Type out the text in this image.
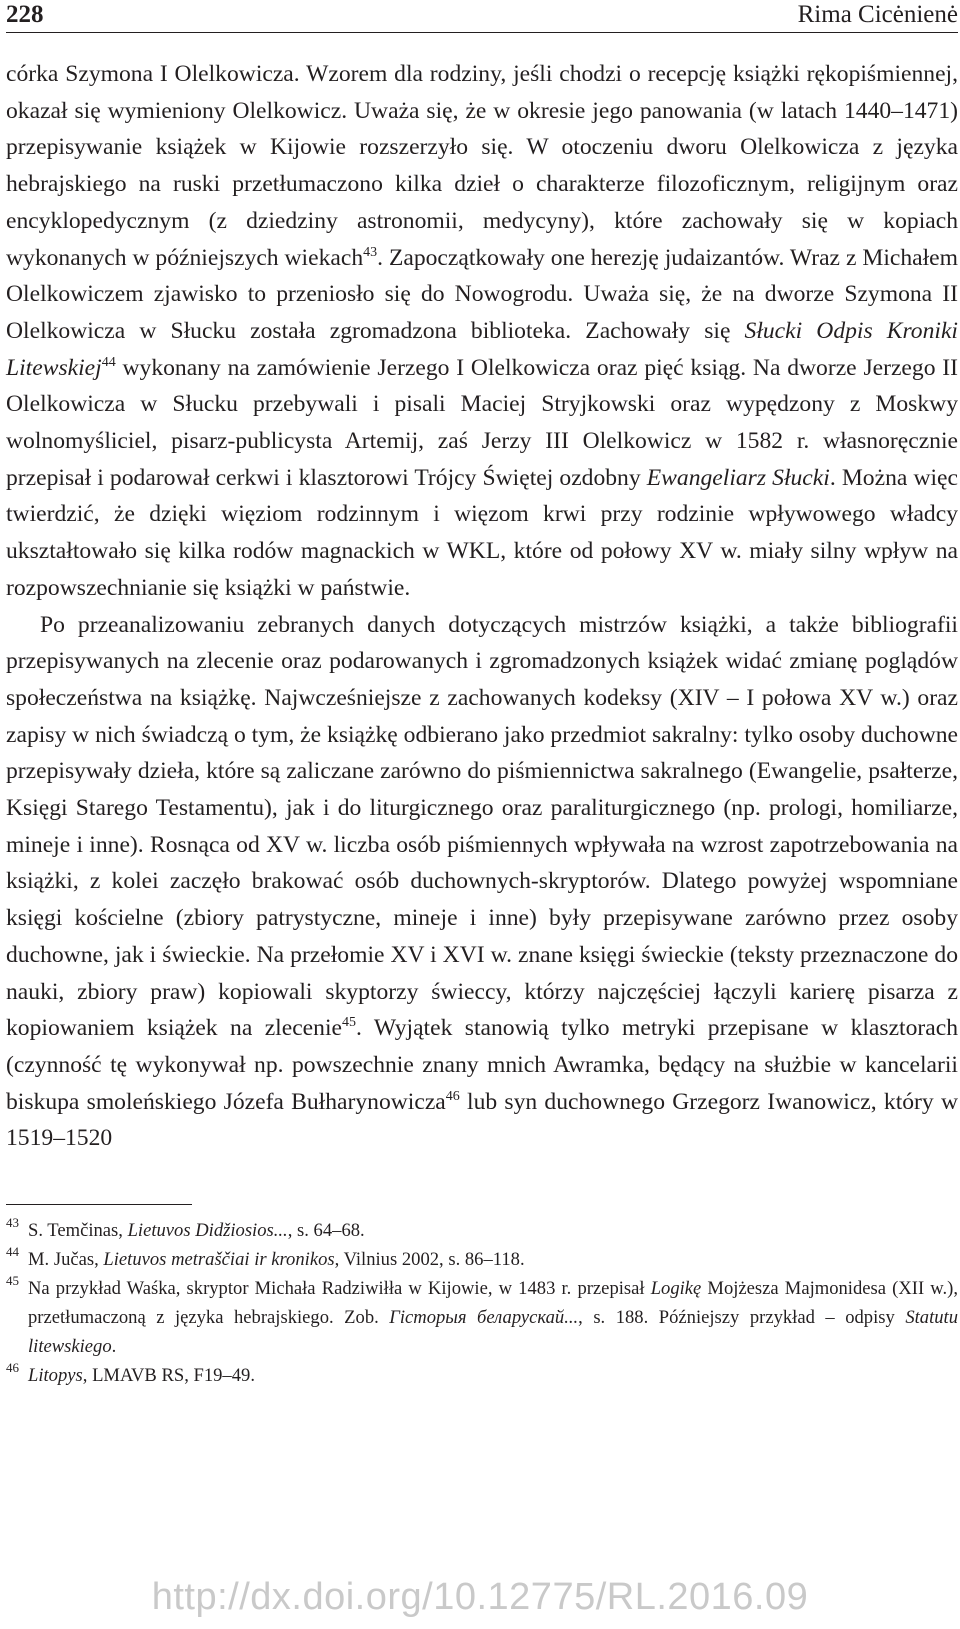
228	Rima Cicėnienė

córka Szymona I Olelkowicza. Wzorem dla rodziny, jeśli chodzi o recepcję książki rękopiśmiennej, okazał się wymieniony Olelkowicz. Uważa się, że w okresie jego panowania (w latach 1440–1471) przepisywanie książek w Kijowie rozszerzyło się. W otoczeniu dworu Olelkowicza z języka hebrajskiego na ruski przetłumaczono kilka dzieł o charakterze filozoficznym, religijnym oraz encyklopedycznym (z dziedziny astronomii, medycyny), które zachowały się w kopiach wykonanych w późniejszych wiekach$^{43}$. Zapoczątkowały one herezję judaizantów. Wraz z Michałem Olelkowiczem zjawisko to przeniosło się do Nowogrodu. Uważa się, że na dworze Szymona II Olelkowicza w Słucku została zgromadzona biblioteka. Zachowały się Słucki Odpis Kroniki Litewskiej$^{44}$ wykonany na zamówienie Jerzego I Olelkowicza oraz pięć ksiąg. Na dworze Jerzego II Olelkowicza w Słucku przebywali i pisali Maciej Stryjkowski oraz wypędzony z Moskwy wolnomyśliciel, pisarz-publicysta Artemij, zaś Jerzy III Olelkowicz w 1582 r. własnoręcznie przepisał i podarował cerkwi i klasztorowi Trójcy Świętej ozdobny Ewangeliarz Słucki. Można więc twierdzić, że dzięki więziom rodzinnym i więzom krwi przy rodzinie wpływowego władcy ukształtowało się kilka rodów magnackich w WKL, które od połowy XV w. miały silny wpływ na rozpowszechnianie się książki w państwie.

Po przeanalizowaniu zebranych danych dotyczących mistrzów książki, a także bibliografii przepisywanych na zlecenie oraz podarowanych i zgromadzonych książek widać zmianę poglądów społeczeństwa na książkę. Najwcześniejsze z zachowanych kodeksy (XIV – I połowa XV w.) oraz zapisy w nich świadczą o tym, że książkę odbierano jako przedmiot sakralny: tylko osoby duchowne przepisywały dzieła, które są zaliczane zarówno do piśmiennictwa sakralnego (Ewangelie, psałterze, Księgi Starego Testamentu), jak i do liturgicznego oraz paraliturgicznego (np. prologi, homiliarze, mineje i inne). Rosnąca od XV w. liczba osób piśmiennych wpływała na wzrost zapotrzebowania na książki, z kolei zaczęło brakować osób duchownych-skryptorów. Dlatego powyżej wspomniane księgi kościelne (zbiory patrystyczne, mineje i inne) były przepisywane zarówno przez osoby duchowne, jak i świeckie. Na przełomie XV i XVI w. znane księgi świeckie (teksty przeznaczone do nauki, zbiory praw) kopiowali skyptorzy świeccy, którzy najczęściej łączyli karierę pisarza z kopiowaniem książek na zlecenie$^{45}$. Wyjątek stanowią tylko metryki przepisane w klasztorach (czynność tę wykonywał np. powszechnie znany mnich Awramka, będący na służbie w kancelarii biskupa smoleńskiego Józefa Bułharynowicza$^{46}$ lub syn duchownego Grzegorz Iwanowicz, który w 1519–1520

43 S. Temčinas, Lietuvos Didžiosios..., s. 64–68.
44 M. Jučas, Lietuvos metraščiai ir kronikos, Vilnius 2002, s. 86–118.
45 Na przykład Waśka, skryptor Michała Radziwiłła w Kijowie, w 1483 r. przepisał Logikę Mojżesza Majmonidesa (XII w.), przetłumaczoną z języka hebrajskiego. Zob. Гiсторыя беларускай..., s. 188. Późniejszy przykład – odpisy Statutu litewskiego.
46 Litopys, LMAVB RS, F19–49.
http://dx.doi.org/10.12775/RL.2016.09
